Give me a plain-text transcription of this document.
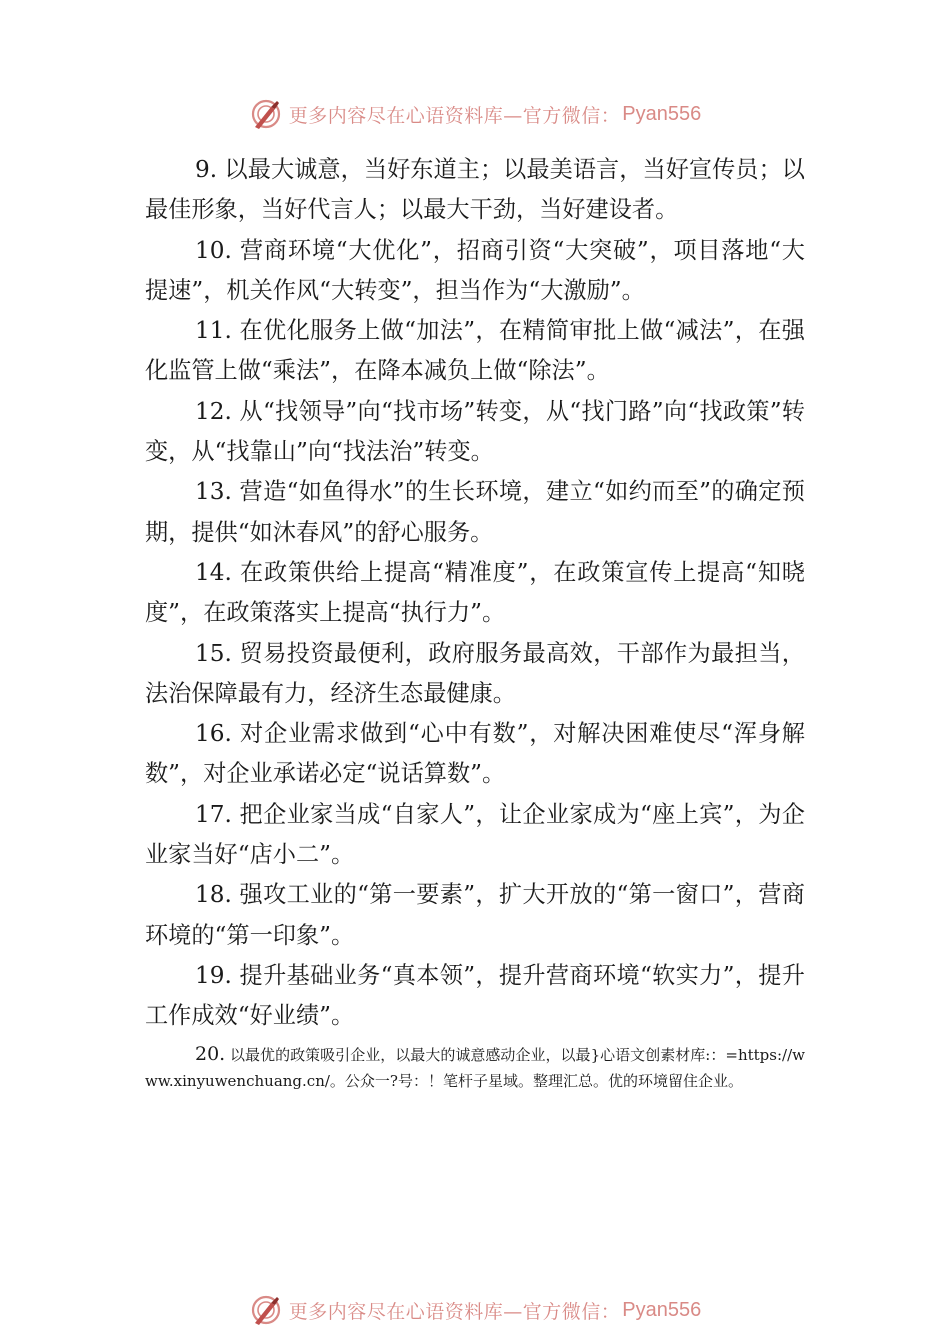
更多内容尽在心语资料库—官方微信： Pyan556

9. 以最大诚意，当好东道主；以最美语言，当好宣传员；以最佳形象，当好代言人；以最大干劲，当好建设者。

10. 营商环境“大优化”，招商引资“大突破”，项目落地“大提速”，机关作风“大转变”，担当作为“大激励”。

11. 在优化服务上做“加法”，在精简审批上做“减法”，在强化监管上做“乘法”，在降本减负上做“除法”。

12. 从“找领导”向“找市场”转变，从“找门路”向“找政策”转变，从“找靠山”向“找法治”转变。

13. 营造“如鱼得水”的生长环境，建立“如约而至”的确定预期，提供“如沐春风”的舒心服务。

14. 在政策供给上提高“精准度”，在政策宣传上提高“知晓度”，在政策落实上提高“执行力”。

15. 贸易投资最便利，政府服务最高效，干部作为最担当，法治保障最有力，经济生态最健康。

16. 对企业需求做到“心中有数”，对解决困难使尽“浑身解数”，对企业承诺必定“说话算数”。

17. 把企业家当成“自家人”，让企业家成为“座上宾”，为企业家当好“店小二”。

18. 强攻工业的“第一要素”，扩大开放的“第一窗口”，营商环境的“第一印象”。

19. 提升基础业务“真本领”，提升营商环境“软实力”，提升工作成效“好业绩”。

20. 以最优的政策吸引企业，以最大的诚意感动企业，以最}心语文创素材库:：=https://www.xinyuwenchuang.cn/。公众一?号：！笔杆子星域。整理汇总。优的环境留住企业。

更多内容尽在心语资料库—官方微信： Pyan556
